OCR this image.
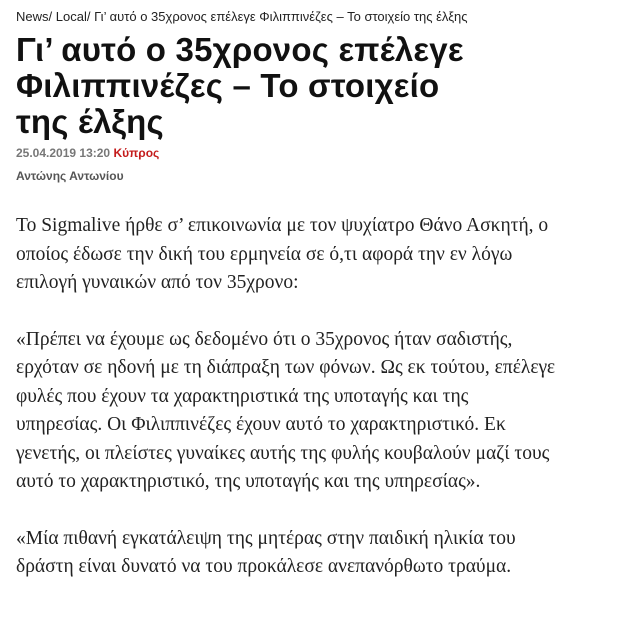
News/ Local/ Γι’ αυτό ο 35χρονος επέλεγε Φιλιππινέζες – Το στοιχείο της έλξης
Γι’ αυτό ο 35χρονος επέλεγε
Φιλιππινέζες – Το στοιχείο
της έλξης
25.04.2019 13:20 Κύπρος
Αντώνης Αντωνίου

Το Sigmalive ήρθε σ’ επικοινωνία με τον ψυχίατρο Θάνο Ασκητή, ο
οποίος έδωσε την δική του ερμηνεία σε ό,τι αφορά την εν λόγω
επιλογή γυναικών από τον 35χρονο:

«Πρέπει να έχουμε ως δεδομένο ότι ο 35χρονος ήταν σαδιστής,
ερχόταν σε ηδονή με τη διάπραξη των φόνων. Ως εκ τούτου, επέλεγε
φυλές που έχουν τα χαρακτηριστικά της υποταγής και της
υπηρεσίας. Οι Φιλιππινέζες έχουν αυτό το χαρακτηριστικό. Εκ
γενετής, οι πλείστες γυναίκες αυτής της φυλής κουβαλούν μαζί τους
αυτό το χαρακτηριστικό, της υποταγής και της υπηρεσίας».

«Μία πιθανή εγκατάλειψη της μητέρας στην παιδική ηλικία του
δράστη είναι δυνατό να του προκάλεσε ανεπανόρθωτο τραύμα.
